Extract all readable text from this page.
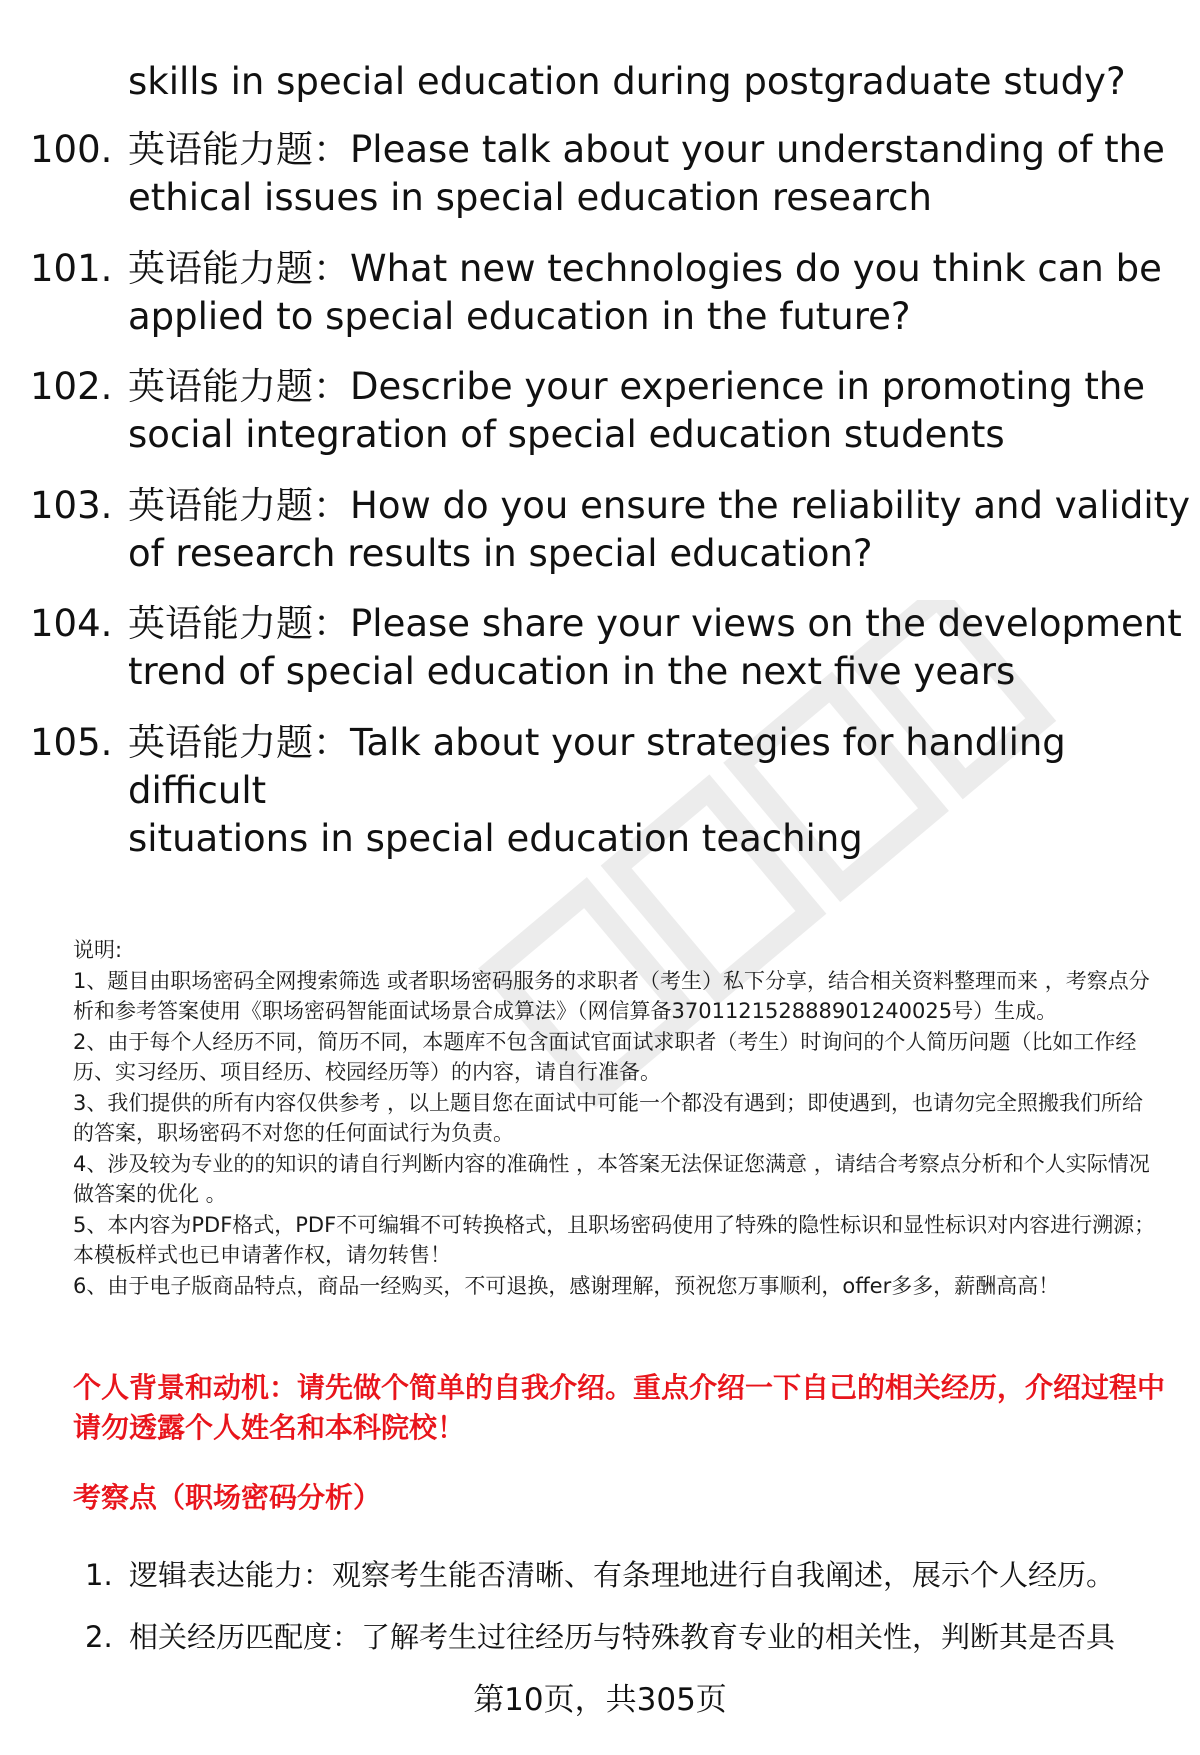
skills in special education during postgraduate study?
100. 英语能力题：Please talk about your understanding of the
ethical issues in special education research
101. 英语能力题：What new technologies do you think can be
applied to special education in the future?
102. 英语能力题：Describe your experience in promoting the
social integration of special education students
103. 英语能力题：How do you ensure the reliability and validity
of research results in special education?
104. 英语能力题：Please share your views on the development
trend of special education in the next five years
105. 英语能力题：Talk about your strategies for handling difficult
situations in special education teaching

说明:

1、题目由职场密码全网搜索筛选 或者职场密码服务的求职者（考生）私下分享，结合相关资料整理而来 ，考察点分析和参考答案使用《职场密码智能面试场景合成算法》（网信算备370112152888901240025号）生成。

2、由于每个人经历不同，简历不同，本题库不包含面试官面试求职者（考生）时询问的个人简历问题（比如工作经历、实习经历、项目经历、校园经历等）的内容，请自行准备。

3、我们提供的所有内容仅供参考 ，以上题目您在面试中可能一个都没有遇到；即使遇到，也请勿完全照搬我们所给的答案，职场密码不对您的任何面试行为负责。

4、涉及较为专业的的知识的请自行判断内容的准确性 ，本答案无法保证您满意 ，请结合考察点分析和个人实际情况做答案的优化 。

5、本内容为PDF格式，PDF不可编辑不可转换格式，且职场密码使用了特殊的隐性标识和显性标识对内容进行溯源；本模板样式也已申请著作权，请勿转售！

6、由于电子版商品特点，商品一经购买，不可退换，感谢理解，预祝您万事顺利，offer多多，薪酬高高！

个人背景和动机：请先做个简单的自我介绍。重点介绍一下自己的相关经历，介绍过程中请勿透露个人姓名和本科院校！
考察点（职场密码分析）
1. 逻辑表达能力：观察考生能否清晰、有条理地进行自我阐述，展示个人经历。
2. 相关经历匹配度：了解考生过往经历与特殊教育专业的相关性，判断其是否具
第10页，共305页
